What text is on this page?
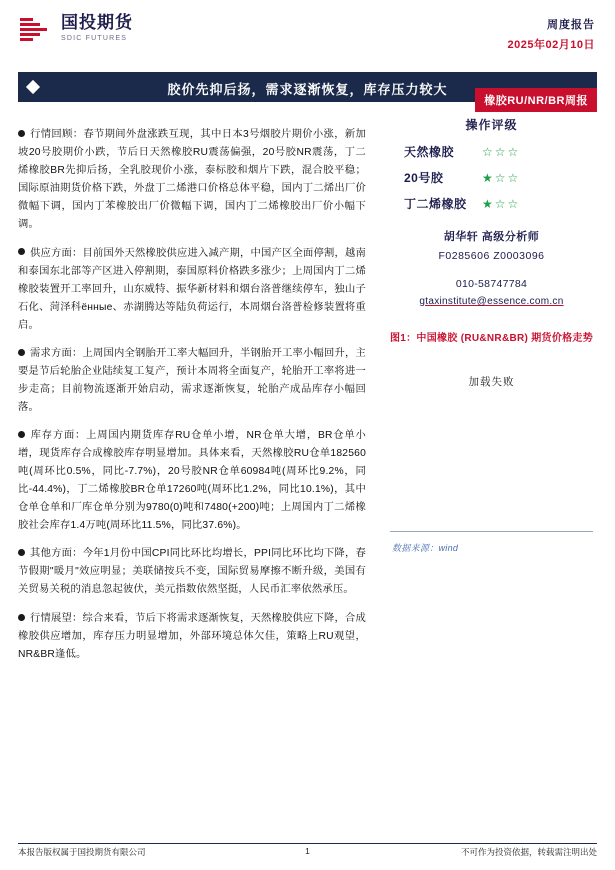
国投期货
SDIC FUTURES
周度报告
2025年02月10日
胶价先抑后扬，需求逐渐恢复，库存压力较大
橡胶RU/NR/BR周报

行情回顾：春节期间外盘涨跌互现，其中日本3号烟胶片期价小涨，新加坡20号胶期价小跌，节后日天然橡胶RU震荡偏强，20号胶NR震荡，丁二烯橡胶BR先抑后扬，全乳胶现价小涨，泰标胶和烟片下跌，混合胶平稳；国际原油期货价格下跌，外盘丁二烯港口价格总体平稳，国内丁二烯出厂价微幅下调，国内丁苯橡胶出厂价微幅下调，国内丁二烯橡胶出厂价小幅下调。

供应方面：目前国外天然橡胶供应进入减产期，中国产区全面停割，越南和泰国东北部等产区进入停割期，泰国原料价格跌多涨少；上周国内丁二烯橡胶装置开工率回升，山东威特、振华新材料和烟台洛普继续停车，独山子石化、菏泽科ённые、赤湖腾达等陆负荷运行，本周烟台洛普检修装置将重启。

需求方面：上周国内全钢胎开工率大幅回升，半钢胎开工率小幅回升，主要是节后轮胎企业陆续复工复产，预计本周将全面复产，轮胎开工率将进一步走高；目前物流逐渐开始启动，需求逐渐恢复，轮胎产成品库存小幅回落。

库存方面：上周国内期货库存RU仓单小增，NR仓单大增，BR仓单小增，现货库存合成橡胶库存明显增加。具体来看，天然橡胶RU仓单182560吨(周环比0.5%，同比-7.7%)，20号胶NR仓单60984吨(周环比9.2%，同比-44.4%)，丁二烯橡胶BR仓单17260吨(周环比1.2%，同比10.1%)，其中仓单仓单和厂库仓单分别为9780(0)吨和7480(+200)吨；上周国内丁二烯橡胶社会库存1.4万吨(周环比11.5%，同比37.6%)。

其他方面：今年1月份中国CPI同比环比均增长，PPI同比环比均下降，春节假期"暖月"效应明显；美联储按兵不变，国际贸易摩擦不断升级，美国有关贸易关税的消息忽起彼伏，美元指数依然坚挺，人民币汇率依然承压。

行情展望：综合来看，节后下将需求逐渐恢复，天然橡胶供应下降，合成橡胶供应增加，库存压力明显增加，外部环境总体欠佳，策略上RU观望，NR&BR逢低。

操作评级
天然橡胶	☆☆☆
20号胶	★☆☆
丁二烯橡胶	★☆☆
胡华轩 高级分析师
F0285606 Z0003096
010-58747784
gtaxinstitute@essence.com.cn
图1：中国橡胶 (RU&NR&BR) 期货价格走势
加载失败
数据来源：wind
本报告版权属于国投期货有限公司	1	不可作为投资依据，转载需注明出处
